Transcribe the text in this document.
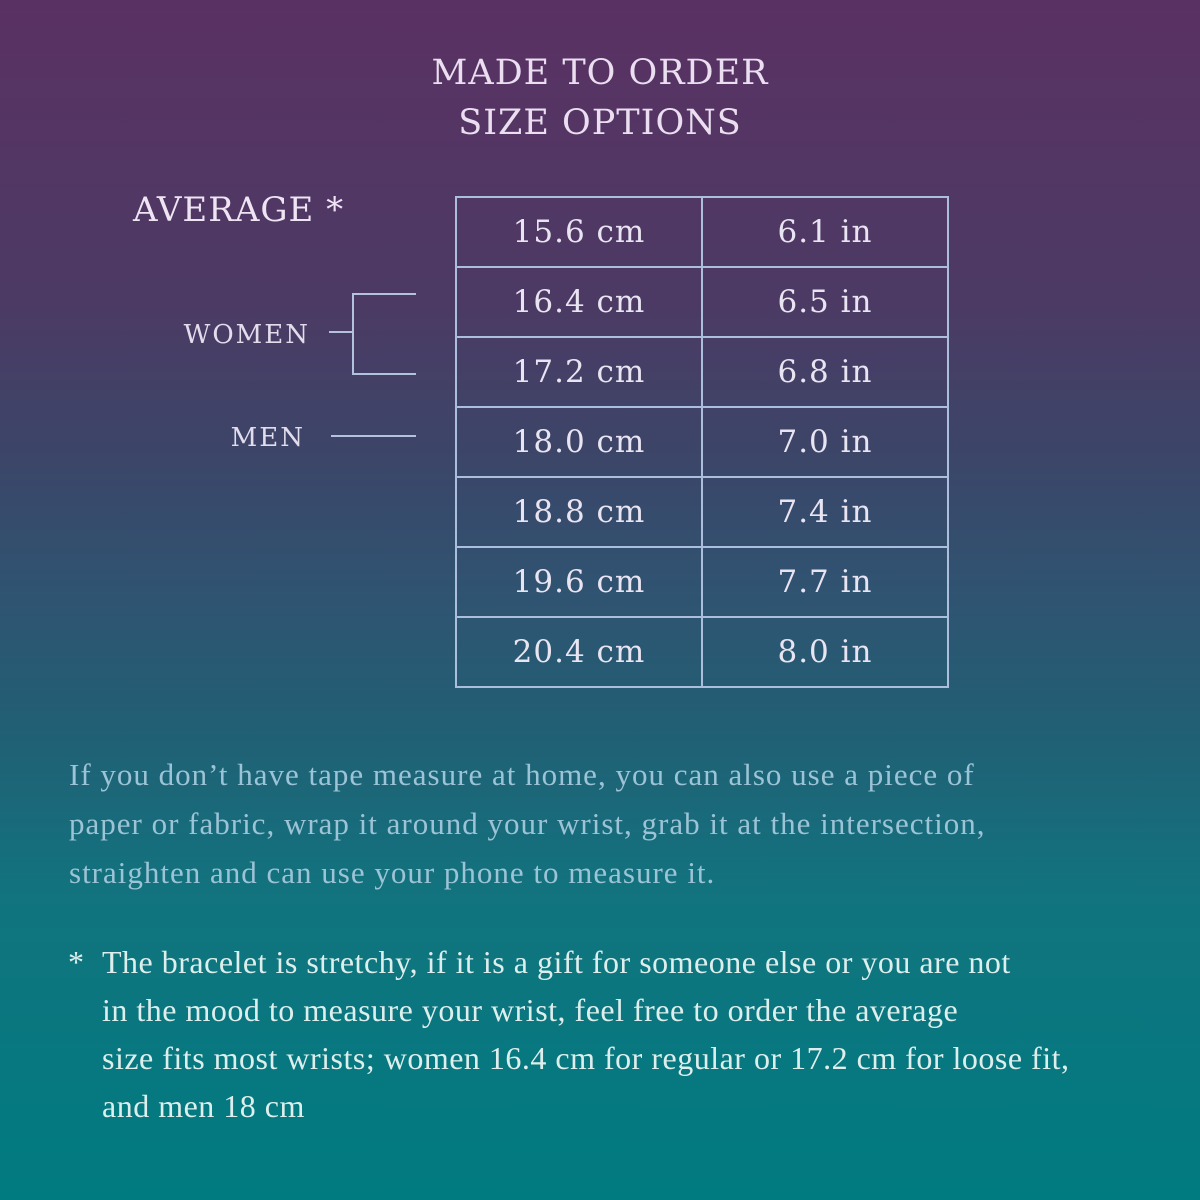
MADE TO ORDER
SIZE OPTIONS
AVERAGE *
WOMEN
MEN
15.6 cm	6.1 in
16.4 cm	6.5 in
17.2 cm	6.8 in
18.0 cm	7.0 in
18.8 cm	7.4 in
19.6 cm	7.7 in
20.4 cm	8.0 in
If you don’t have tape measure at home, you can also use a piece of
paper or fabric, wrap it around your wrist, grab it at the intersection,
straighten and can use your phone to measure it.
* The bracelet is stretchy, if it is a gift for someone else or you are not
in the mood to measure your wrist, feel free to order the average
size fits most wrists; women 16.4 cm for regular or 17.2 cm for loose fit,
and men 18 cm
